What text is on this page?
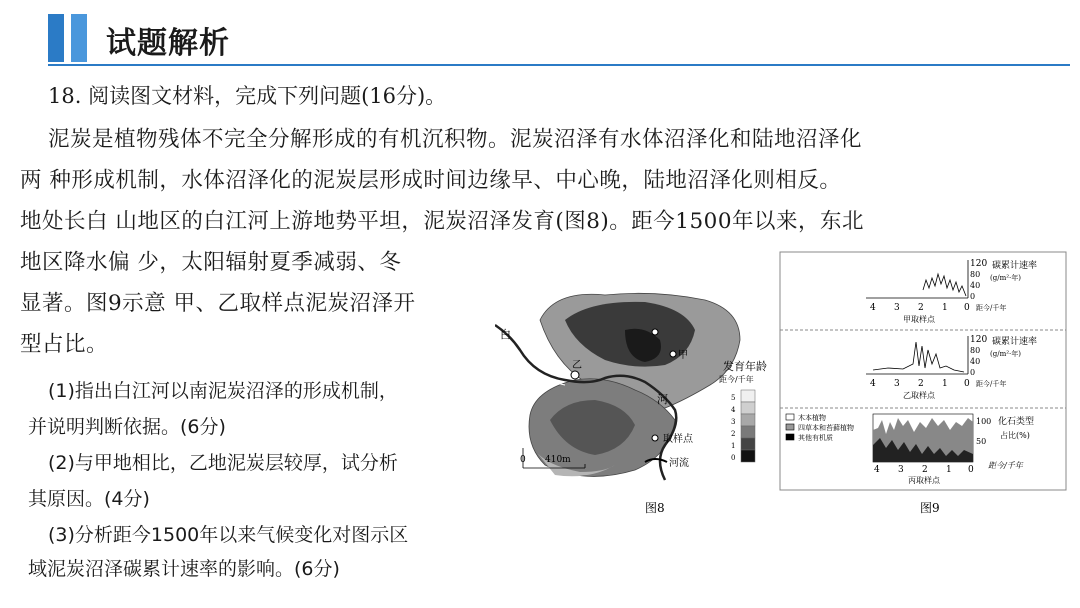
试题解析
18. 阅读图文材料，完成下列问题(16分)。
泥炭是植物残体不完全分解形成的有机沉积物。泥炭沼泽有水体沼泽化和陆地沼泽化
两 种形成机制，水体沼泽化的泥炭层形成时间边缘早、中心晚，陆地沼泽化则相反。
地处长白 山地区的白江河上游地势平坦，泥炭沼泽发育(图8)。距今1500年以来，东北
地区降水偏 少，太阳辐射夏季减弱、冬
显著。图9示意 甲、乙取样点泥炭沼泽开
型占比。
(1)指出白江河以南泥炭沼泽的形成机制，
并说明判断依据。(6分)
(2)与甲地相比，乙地泥炭层较厚，试分析
其原因。(4分)
(3)分析距今1500年以来气候变化对图示区
域泥炭沼泽碳累计速率的影响。(6分)
白
河
甲
乙	发育年龄
距今/千年
5
4
3
2
1
0
取样点
河流
0 410m
图8
120
80
40
0
碳累计速率
(g/m²·年)
4 3 2 1 0 距今/千年
甲取样点
120
80
40
0
碳累计速率
(g/m²·年)
4 3 2 1 0 距今/千年
乙取样点
木本植物
四草本和苔藓植物
其他有机质
100
50
化石类型
占比(%)
4 3 2 1 0 距今/千年
丙取样点
图9
